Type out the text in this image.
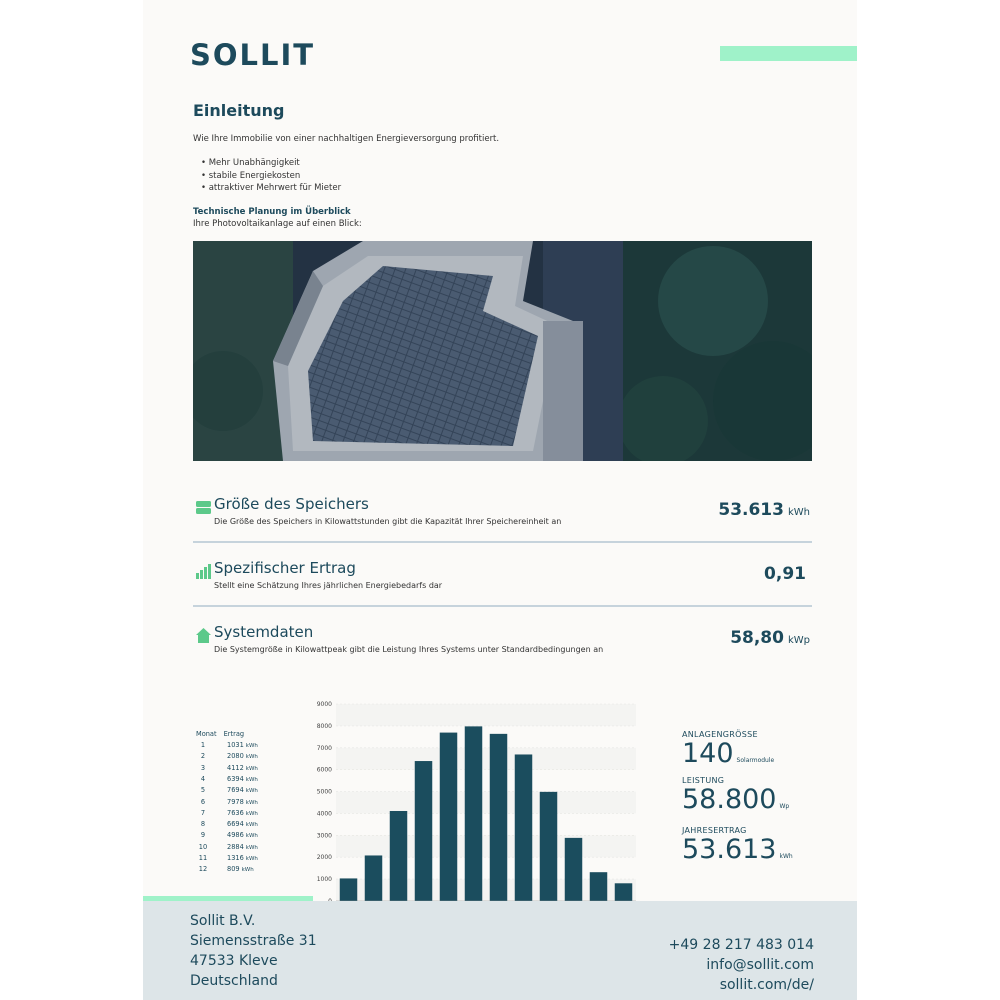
SOLLIT
Einleitung
Wie Ihre Immobilie von einer nachhaltigen Energieversorgung profitiert.
• Mehr Unabhängigkeit
• stabile Energiekosten
• attraktiver Mehrwert für Mieter
Technische Planung im Überblick
Ihre Photovoltaikanlage auf einen Blick:
Größe des Speichers
Die Größe des Speichers in Kilowattstunden gibt die Kapazität Ihrer Speichereinheit an
53.613 kWh
Spezifischer Ertrag
Stellt eine Schätzung Ihres jährlichen Energiebedarfs dar
0,91
Systemdaten
Die Systemgröße in Kilowattpeak gibt die Leistung Ihres Systems unter Standardbedingungen an
58,80 kWp
Monat Ertrag
1	1031 kWh
2	2080 kWh
3	4112 kWh
4	6394 kWh
5	7694 kWh
6	7978 kWh
7	7636 kWh
8	6694 kWh
9	4986 kWh
10	2884 kWh
11	1316 kWh
12	809 kWh
1000
2000
3000
4000
5000
6000
7000
8000
9000
ANLAGENGRÖSSE
140 Solarmodule
LEISTUNG
58.800 Wp
JAHRESERTRAG
53.613 kWh
Sollit B.V.
Siemensstraße 31
47533 Kleve
Deutschland
+49 28 217 483 014
info@sollit.com
sollit.com/de/
